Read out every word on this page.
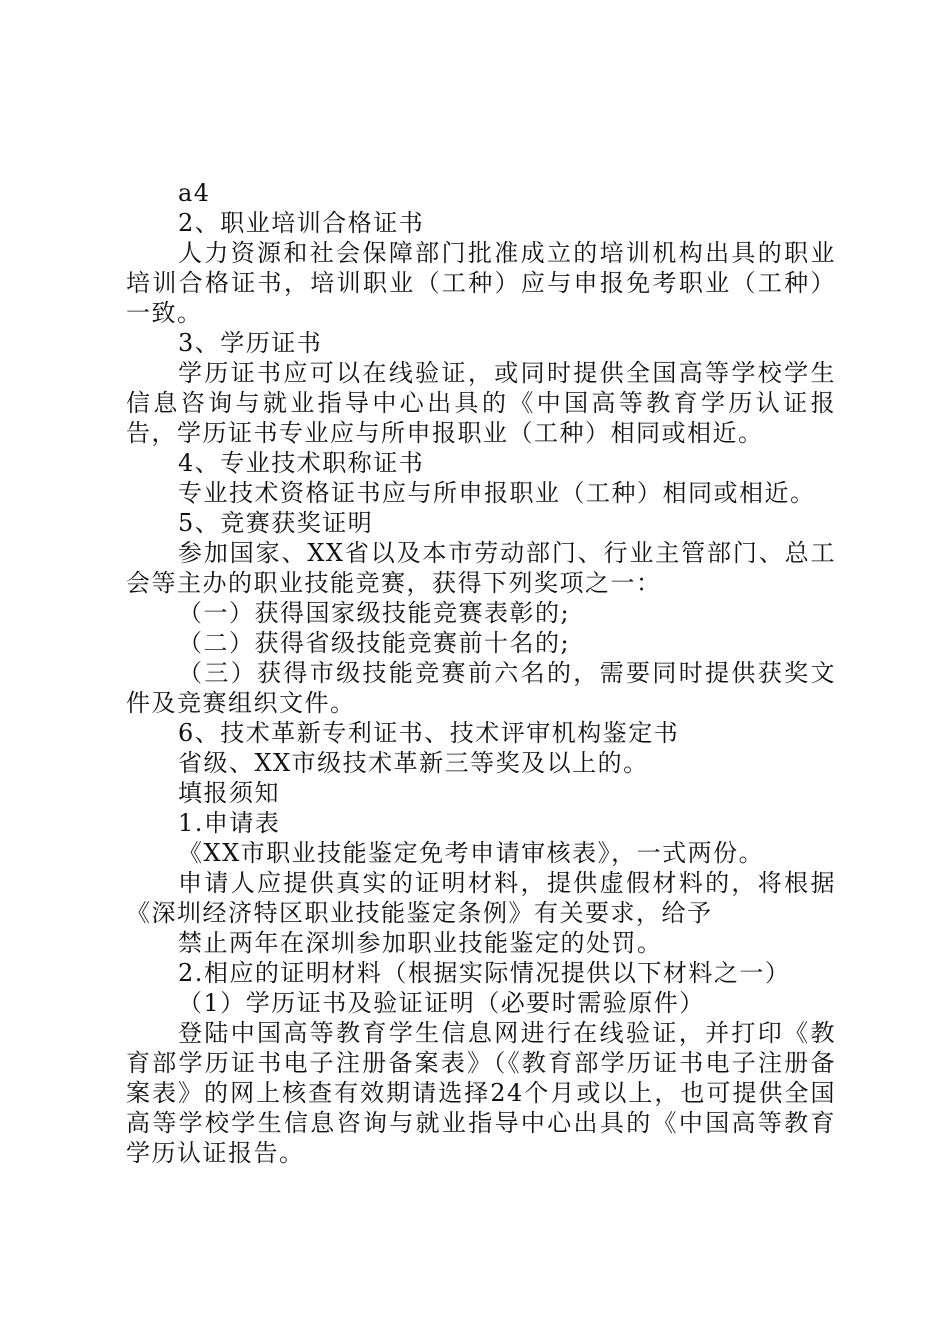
a4

2、职业培训合格证书

人力资源和社会保障部门批准成立的培训机构出具的职业培训合格证书，培训职业（工种）应与申报免考职业（工种）一致。

3、学历证书

学历证书应可以在线验证，或同时提供全国高等学校学生信息咨询与就业指导中心出具的《中国高等教育学历认证报告，学历证书专业应与所申报职业（工种）相同或相近。

4、专业技术职称证书

专业技术资格证书应与所申报职业（工种）相同或相近。

5、竞赛获奖证明

参加国家、XX省以及本市劳动部门、行业主管部门、总工会等主办的职业技能竞赛，获得下列奖项之一：

（一）获得国家级技能竞赛表彰的;

（二）获得省级技能竞赛前十名的;

（三）获得市级技能竞赛前六名的，需要同时提供获奖文件及竞赛组织文件。

6、技术革新专利证书、技术评审机构鉴定书

省级、XX市级技术革新三等奖及以上的。

填报须知

1.申请表

《XX市职业技能鉴定免考申请审核表》，一式两份。

申请人应提供真实的证明材料，提供虚假材料的，将根据《深圳经济特区职业技能鉴定条例》有关要求，给予

禁止两年在深圳参加职业技能鉴定的处罚。

2.相应的证明材料（根据实际情况提供以下材料之一）

（1）学历证书及验证证明（必要时需验原件）

登陆中国高等教育学生信息网进行在线验证，并打印《教育部学历证书电子注册备案表》（《教育部学历证书电子注册备案表》的网上核查有效期请选择24个月或以上，也可提供全国高等学校学生信息咨询与就业指导中心出具的《中国高等教育学历认证报告。
